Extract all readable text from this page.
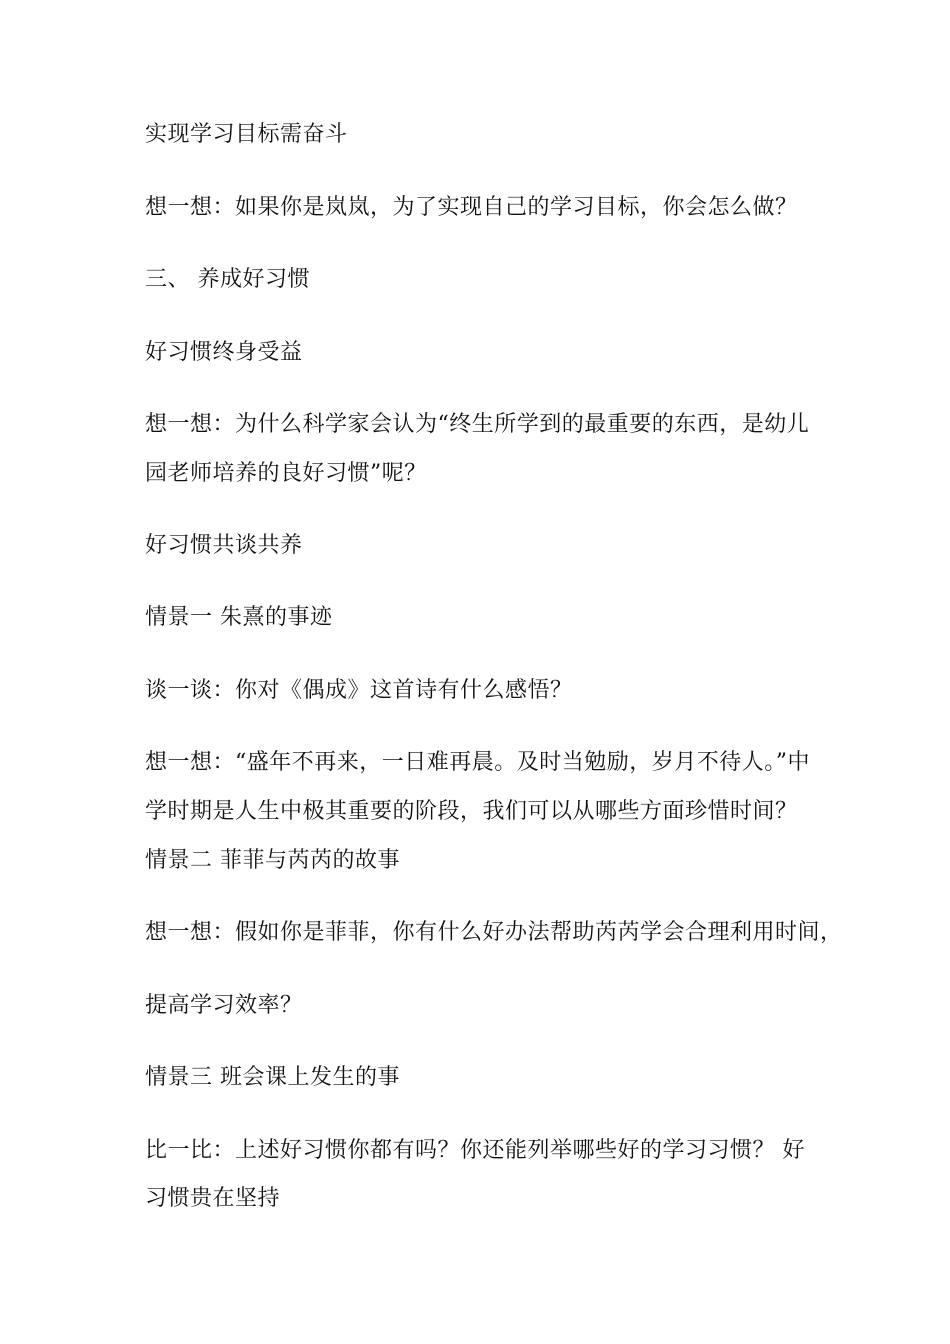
实现学习目标需奋斗
想一想：如果你是岚岚，为了实现自己的学习目标，你会怎么做？
三、 养成好习惯
好习惯终身受益
想一想：为什么科学家会认为“终生所学到的最重要的东西，是幼儿
园老师培养的良好习惯”呢？
好习惯共谈共养
情景一 朱熹的事迹
谈一谈：你对《偶成》这首诗有什么感悟？
想一想：“盛年不再来，一日难再晨。及时当勉励，岁月不待人。”中
学时期是人生中极其重要的阶段，我们可以从哪些方面珍惜时间？
情景二 菲菲与芮芮的故事
想一想：假如你是菲菲，你有什么好办法帮助芮芮学会合理利用时间，
提高学习效率？
情景三 班会课上发生的事
比一比：上述好习惯你都有吗？你还能列举哪些好的学习习惯？ 好
习惯贵在坚持
